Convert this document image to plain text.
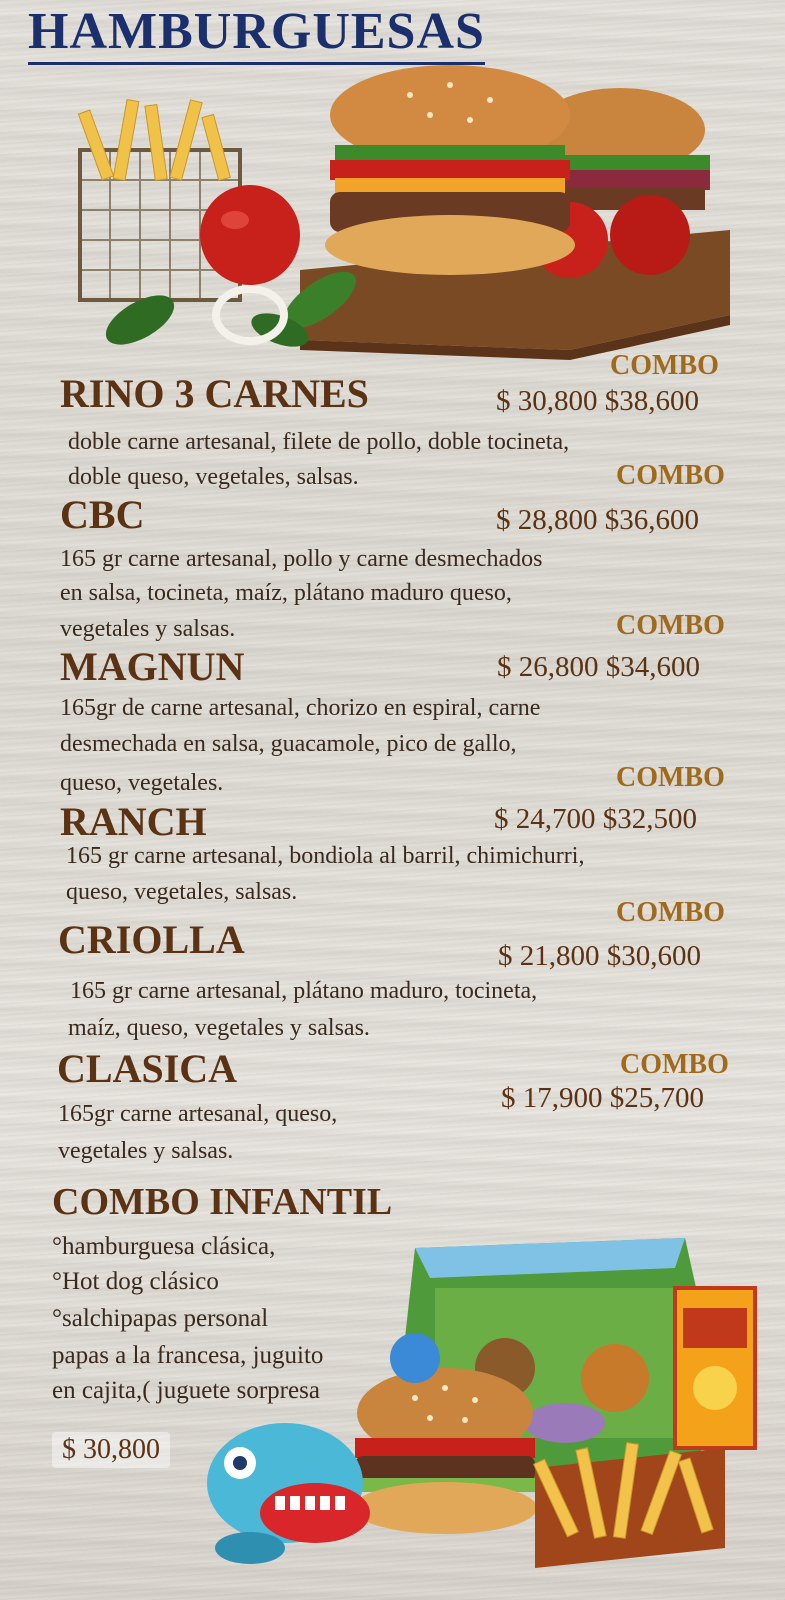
HAMBURGUESAS
RINO 3 CARNES
COMBO
$ 30,800 $38,600
doble carne artesanal, filete de pollo, doble tocineta,
doble queso, vegetales, salsas.	COMBO
CBC	$ 28,800 $36,600
165 gr carne artesanal, pollo y carne desmechados
en salsa, tocineta, maíz, plátano maduro queso,
vegetales y salsas.	COMBO
MAGNUN	$ 26,800 $34,600
165gr de carne artesanal, chorizo en espiral, carne
desmechada en salsa, guacamole, pico de gallo,
queso, vegetales.	COMBO
RANCH	$ 24,700 $32,500
165 gr carne artesanal, bondiola al barril, chimichurri,
queso, vegetales, salsas.
COMBO
CRIOLLA	$ 21,800 $30,600
165 gr carne artesanal, plátano maduro, tocineta,
maíz, queso, vegetales y salsas.
COMBO
CLASICA
$ 17,900 $25,700
165gr carne artesanal, queso,
vegetales y salsas.
COMBO INFANTIL
°hamburguesa clásica,
°Hot dog clásico
°salchipapas personal
papas a la francesa, juguito
en cajita,( juguete sorpresa
$ 30,800
